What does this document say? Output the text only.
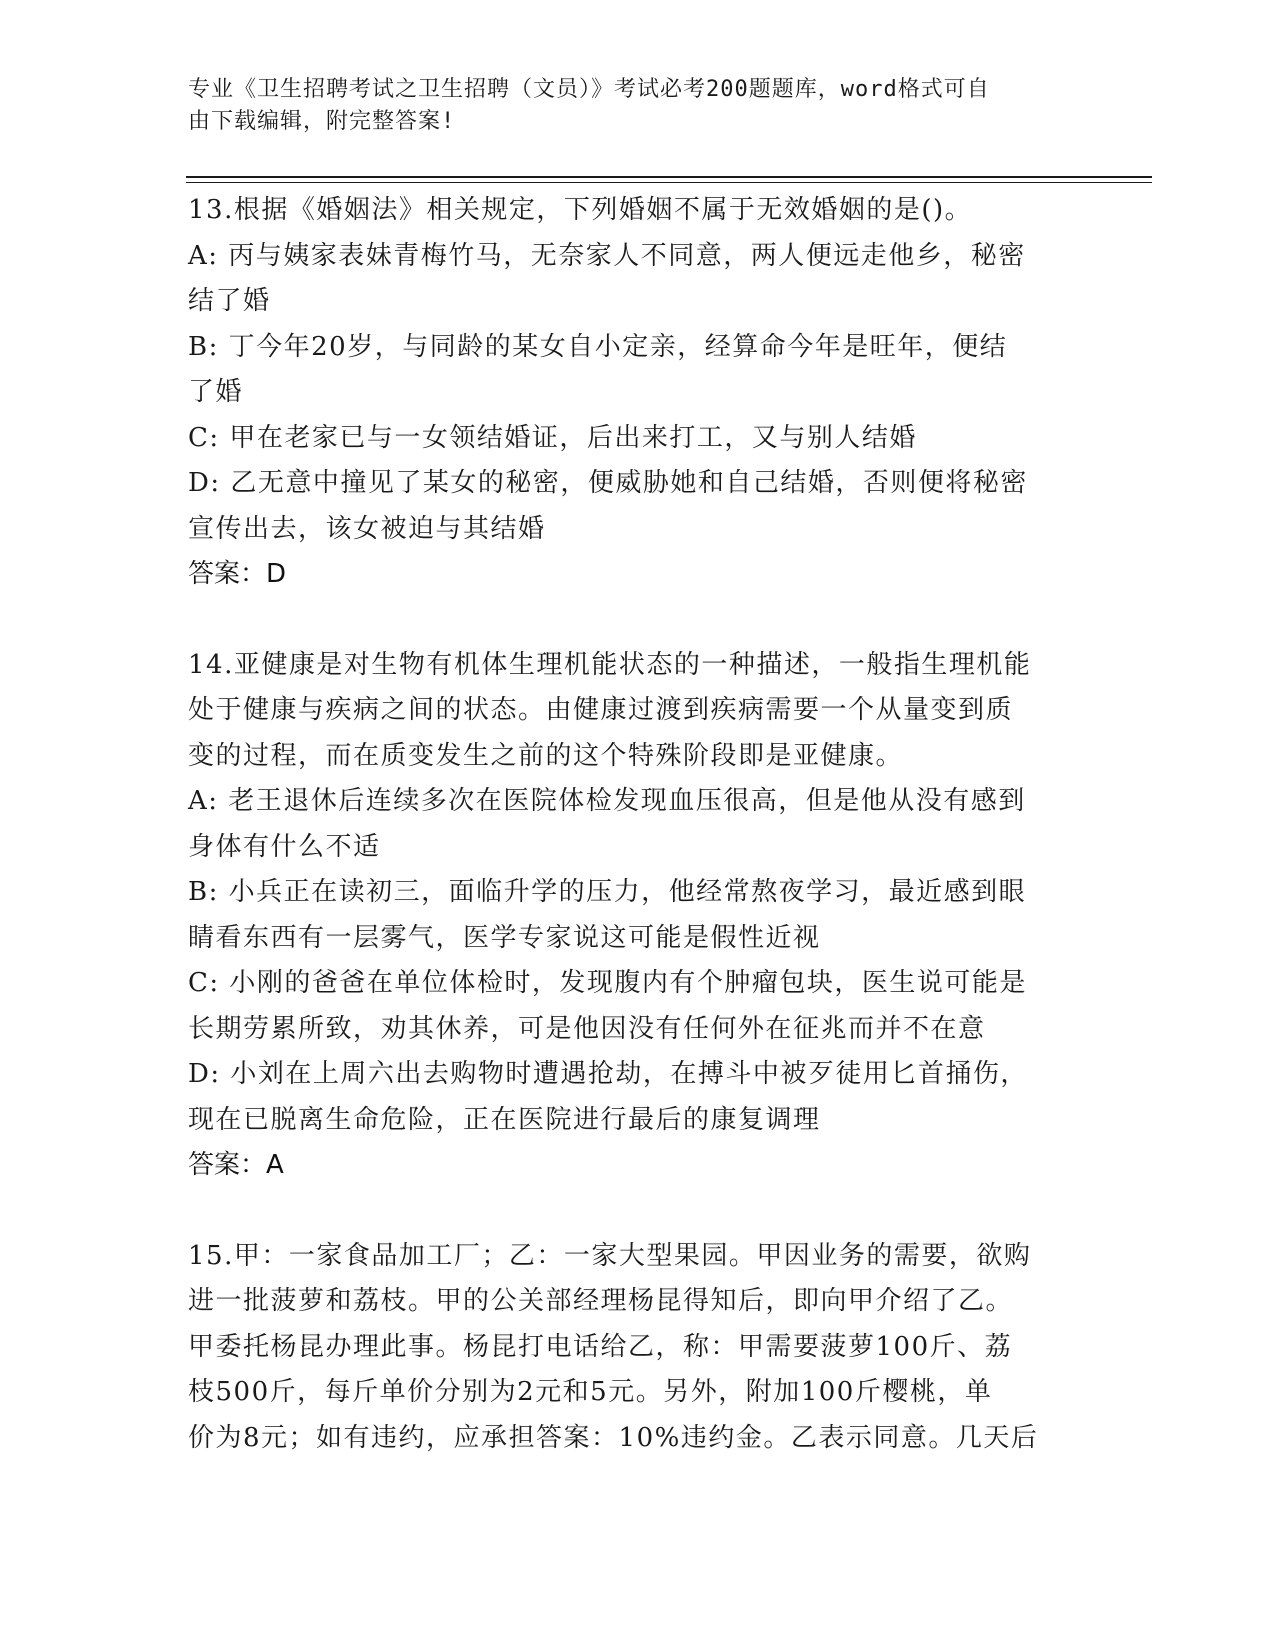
专业《卫生招聘考试之卫生招聘（文员）》考试必考200题题库，word格式可自
由下载编辑，附完整答案!

13.根据《婚姻法》相关规定，下列婚姻不属于无效婚姻的是()。

A: 丙与姨家表妹青梅竹马，无奈家人不同意，两人便远走他乡，秘密

结了婚

B: 丁今年20岁，与同龄的某女自小定亲，经算命今年是旺年，便结

了婚

C: 甲在老家已与一女领结婚证，后出来打工，又与别人结婚

D: 乙无意中撞见了某女的秘密，便威胁她和自己结婚，否则便将秘密

宣传出去，该女被迫与其结婚

答案：D

14.亚健康是对生物有机体生理机能状态的一种描述，一般指生理机能

处于健康与疾病之间的状态。由健康过渡到疾病需要一个从量变到质

变的过程，而在质变发生之前的这个特殊阶段即是亚健康。

A: 老王退休后连续多次在医院体检发现血压很高，但是他从没有感到

身体有什么不适

B: 小兵正在读初三，面临升学的压力，他经常熬夜学习，最近感到眼

睛看东西有一层雾气，医学专家说这可能是假性近视

C: 小刚的爸爸在单位体检时，发现腹内有个肿瘤包块，医生说可能是

长期劳累所致，劝其休养，可是他因没有任何外在征兆而并不在意

D: 小刘在上周六出去购物时遭遇抢劫，在搏斗中被歹徒用匕首捅伤，

现在已脱离生命危险，正在医院进行最后的康复调理

答案：A

15.甲：一家食品加工厂；乙：一家大型果园。甲因业务的需要，欲购

进一批菠萝和荔枝。甲的公关部经理杨昆得知后，即向甲介绍了乙。

甲委托杨昆办理此事。杨昆打电话给乙，称：甲需要菠萝100斤、荔

枝500斤，每斤单价分别为2元和5元。另外，附加100斤樱桃，单

价为8元；如有违约，应承担答案：10%违约金。乙表示同意。几天后
